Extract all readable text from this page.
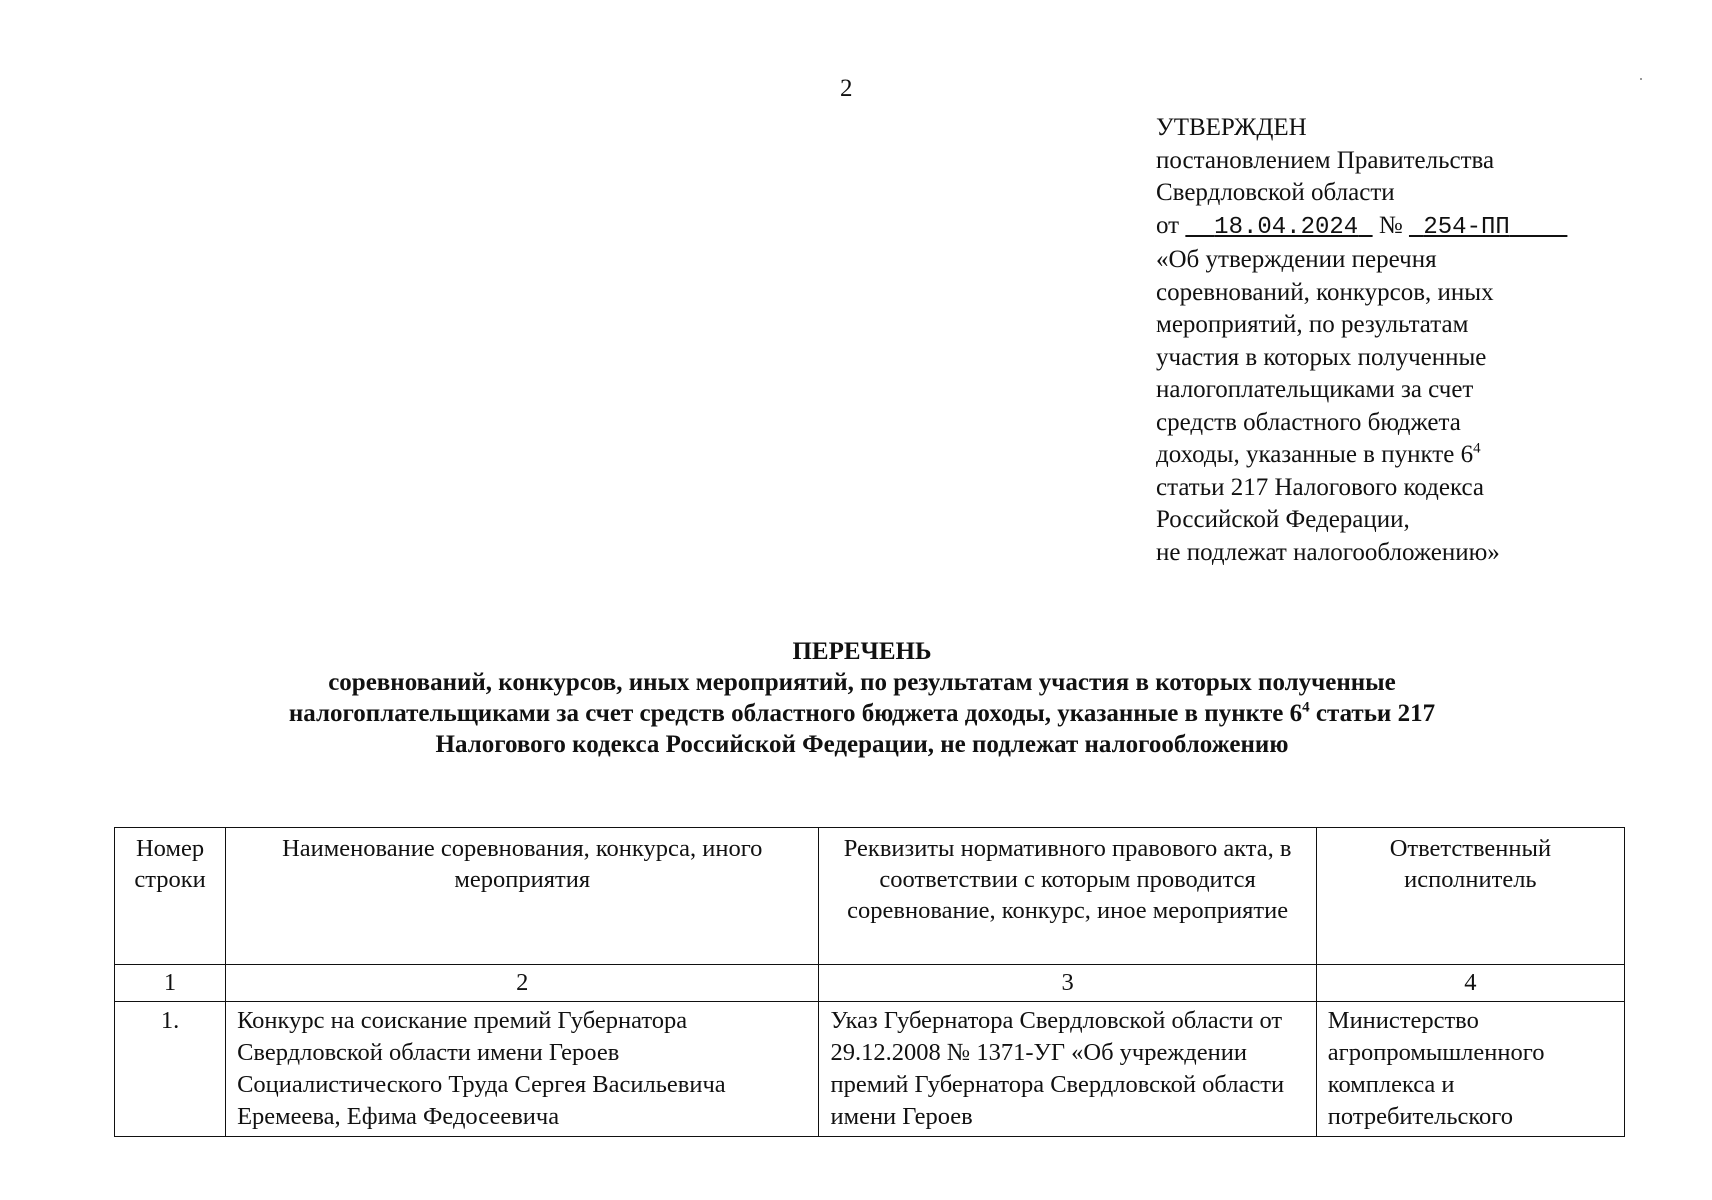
2
УТВЕРЖДЕН
постановлением Правительства
Свердловской области
от 18.04.2024 № 254-ПП
«Об утверждении перечня
соревнований, конкурсов, иных
мероприятий, по результатам
участия в которых полученные
налогоплательщиками за счет
средств областного бюджета
доходы, указанные в пункте $6^4$
статьи 217 Налогового кодекса
Российской Федерации,
не подлежат налогообложению»
ПЕРЕЧЕНЬ
соревнований, конкурсов, иных мероприятий, по результатам участия в которых полученные
налогоплательщиками за счет средств областного бюджета доходы, указанные в пункте $6^4$ статьи 217
Налогового кодекса Российской Федерации, не подлежат налогообложению
Номер строки	Наименование соревнования, конкурса, иного мероприятия	Реквизиты нормативного правового акта, в соответствии с которым проводится соревнование, конкурс, иное мероприятие	Ответственный исполнитель
1	2	3	4
1.	Конкурс на соискание премий Губернатора Свердловской области имени Героев Социалистического Труда Сергея Васильевича Еремеева, Ефима Федосеевича	Указ Губернатора Свердловской области от 29.12.2008 № 1371-УГ «Об учреждении премий Губернатора Свердловской области имени Героев	Министерство агропромышленного комплекса и потребительского
